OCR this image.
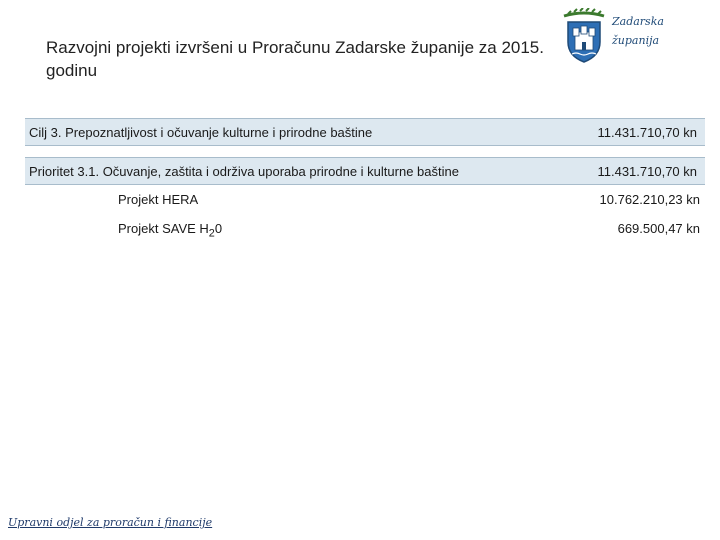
Razvojni projekti izvršeni u Proračunu Zadarske županije za 2015. godinu
Zadarska
županija
Cilj 3. Prepoznatljivost i očuvanje kulturne i prirodne baštine	11.431.710,70 kn
Prioritet 3.1. Očuvanje, zaštita i održiva uporaba prirodne i kulturne baštine	11.431.710,70 kn
Projekt HERA	10.762.210,23 kn
Projekt SAVE $H_20$	669.500,47 kn
Upravni odjel za proračun i financije
